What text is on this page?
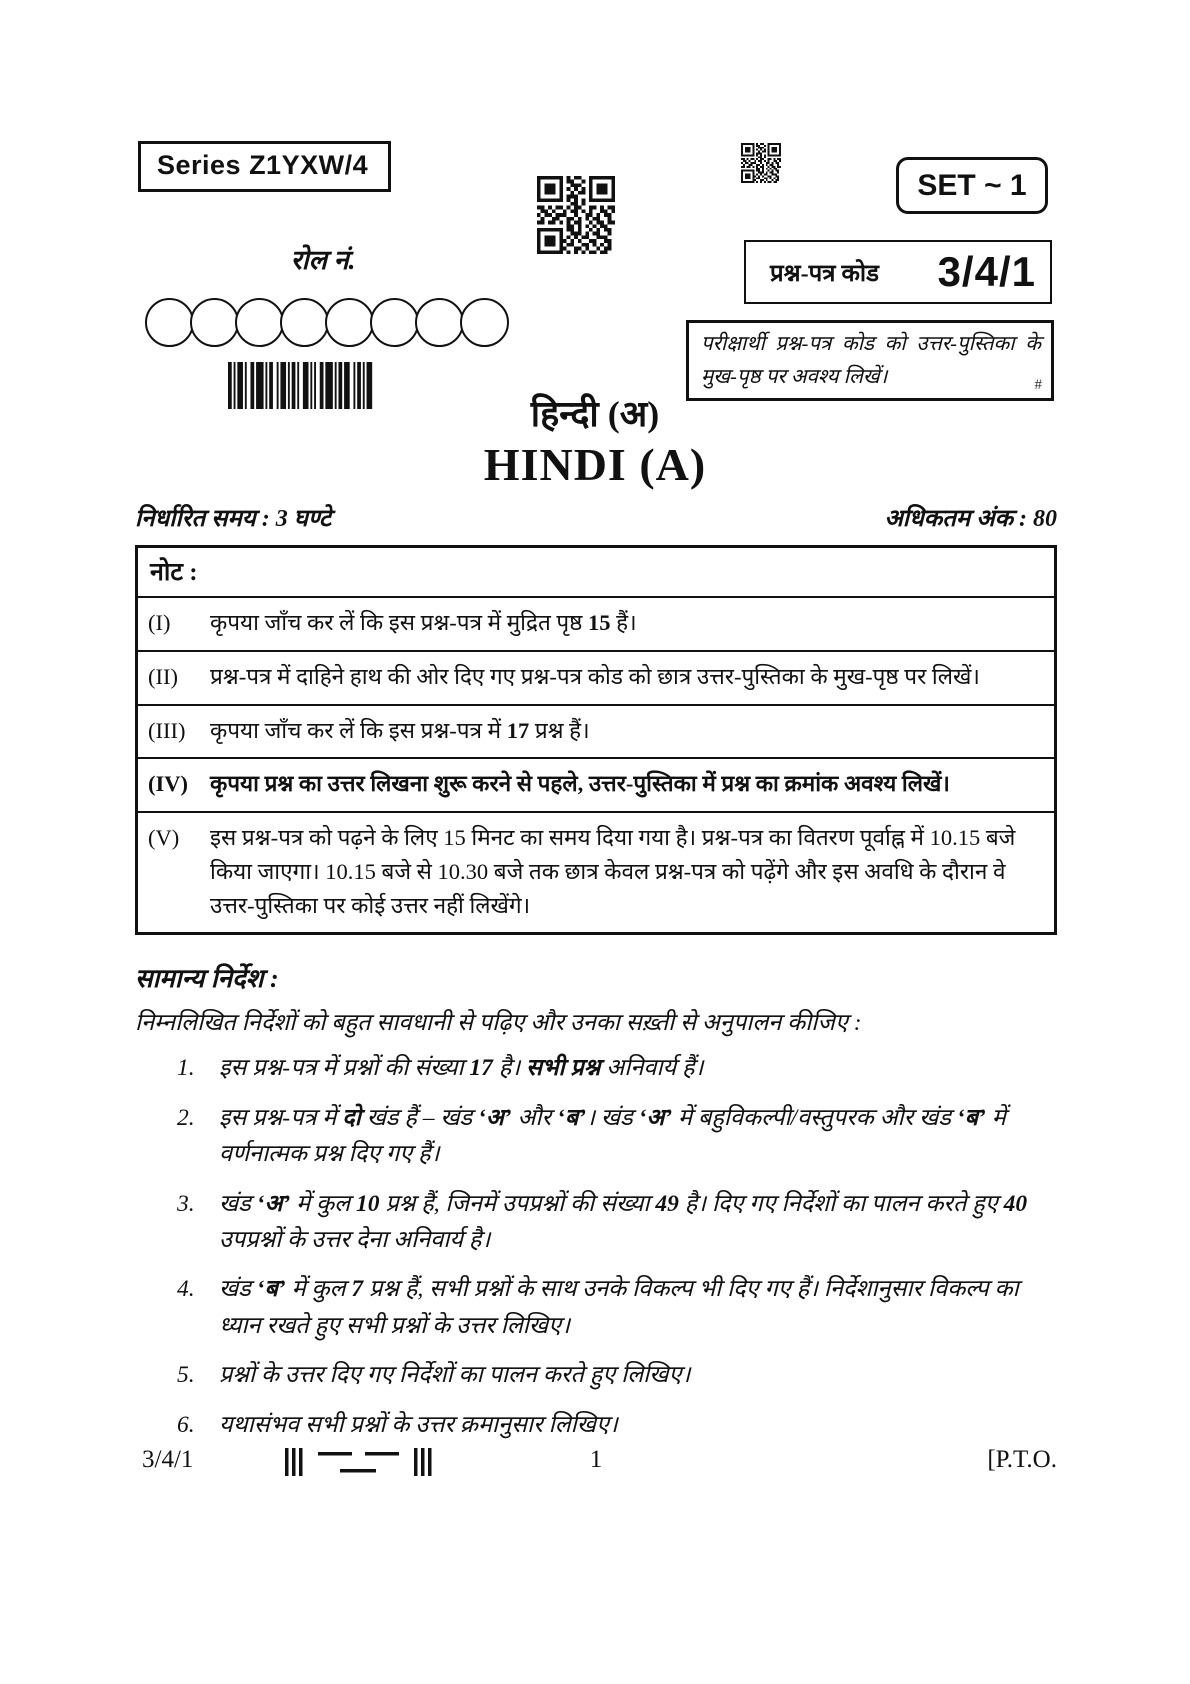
Series Z1YXW/4
SET ~ 1
रोल नं.	प्रश्न-पत्र कोड 3/4/1
परीक्षार्थी प्रश्न-पत्र कोड को उत्तर-पुस्तिका के मुख-पृष्ठ पर अवश्य लिखें।	#
हिन्दी (अ)
HINDI (A)
निर्धारित समय : 3 घण्टे	अधिकतम अंक : 80
नोट :
(I)	कृपया जाँच कर लें कि इस प्रश्न-पत्र में मुद्रित पृष्ठ 15 हैं।
(II)	प्रश्न-पत्र में दाहिने हाथ की ओर दिए गए प्रश्न-पत्र कोड को छात्र उत्तर-पुस्तिका के मुख-पृष्ठ पर लिखें।
(III)	कृपया जाँच कर लें कि इस प्रश्न-पत्र में 17 प्रश्न हैं।
(IV) कृपया प्रश्न का उत्तर लिखना शुरू करने से पहले, उत्तर-पुस्तिका में प्रश्न का क्रमांक अवश्य लिखें।
(V)	इस प्रश्न-पत्र को पढ़ने के लिए 15 मिनट का समय दिया गया है। प्रश्न-पत्र का वितरण पूर्वाह्न में 10.15 बजे किया जाएगा। 10.15 बजे से 10.30 बजे तक छात्र केवल प्रश्न-पत्र को पढ़ेंगे और इस अवधि के दौरान वे उत्तर-पुस्तिका पर कोई उत्तर नहीं लिखेंगे।
सामान्य निर्देश :
निम्नलिखित निर्देशों को बहुत सावधानी से पढ़िए और उनका सख़्ती से अनुपालन कीजिए :
1.	इस प्रश्न-पत्र में प्रश्नों की संख्या 17 है। सभी प्रश्न अनिवार्य हैं।
2.	इस प्रश्न-पत्र में दो खंड हैं – खंड ‘अ’ और ‘ब’। खंड ‘अ’ में बहुविकल्पी/वस्तुपरक और खंड ‘ब’ में वर्णनात्मक प्रश्न दिए गए हैं।
3.	खंड ‘अ’ में कुल 10 प्रश्न हैं, जिनमें उपप्रश्नों की संख्या 49 है। दिए गए निर्देशों का पालन करते हुए 40 उपप्रश्नों के उत्तर देना अनिवार्य है।
4.	खंड ‘ब’ में कुल 7 प्रश्न हैं, सभी प्रश्नों के साथ उनके विकल्प भी दिए गए हैं। निर्देशानुसार विकल्प का ध्यान रखते हुए सभी प्रश्नों के उत्तर लिखिए।
5.	प्रश्नों के उत्तर दिए गए निर्देशों का पालन करते हुए लिखिए।
6.	यथासंभव सभी प्रश्नों के उत्तर क्रमानुसार लिखिए।
3/4/1	1	[P.T.O.
